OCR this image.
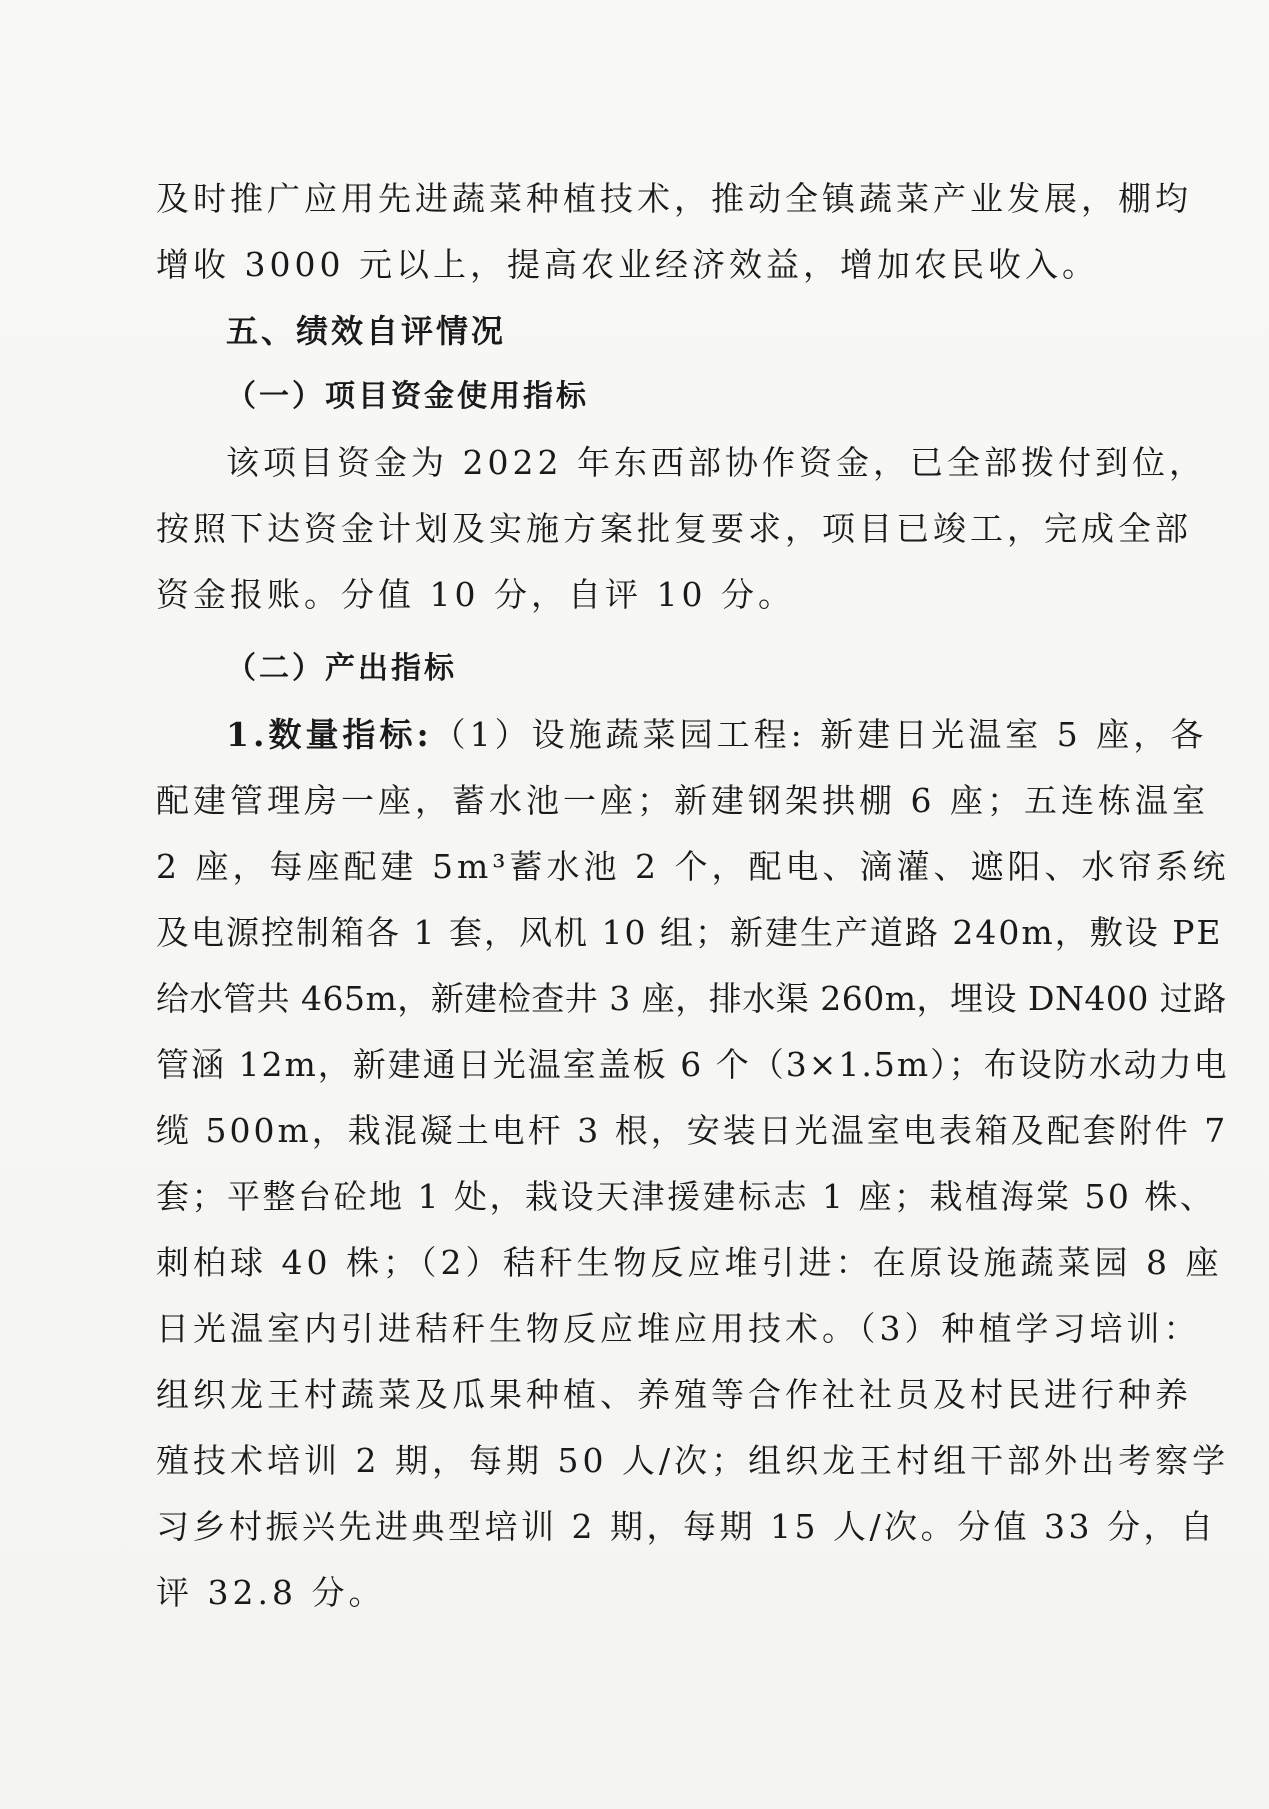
及时推广应用先进蔬菜种植技术，推动全镇蔬菜产业发展，棚均
增收 3000 元以上，提高农业经济效益，增加农民收入。
五、绩效自评情况
（一）项目资金使用指标
该项目资金为 2022 年东西部协作资金，已全部拨付到位，
按照下达资金计划及实施方案批复要求，项目已竣工，完成全部
资金报账。分值 10 分，自评 10 分。
（二）产出指标
1.数量指标:（1）设施蔬菜园工程: 新建日光温室 5 座，各
配建管理房一座，蓄水池一座；新建钢架拱棚 6 座；五连栋温室
2 座，每座配建 5m³蓄水池 2 个，配电、滴灌、遮阳、水帘系统
及电源控制箱各 1 套，风机 10 组；新建生产道路 240m，敷设 PE
给水管共 465m，新建检查井 3 座，排水渠 260m，埋设 DN400 过路
管涵 12m，新建通日光温室盖板 6 个（3×1.5m）；布设防水动力电
缆 500m，栽混凝土电杆 3 根，安装日光温室电表箱及配套附件 7
套；平整台砼地 1 处，栽设天津援建标志 1 座；栽植海棠 50 株、
刺柏球 40 株；（2）秸秆生物反应堆引进：在原设施蔬菜园 8 座
日光温室内引进秸秆生物反应堆应用技术。（3）种植学习培训：
组织龙王村蔬菜及瓜果种植、养殖等合作社社员及村民进行种养
殖技术培训 2 期，每期 50 人/次；组织龙王村组干部外出考察学
习乡村振兴先进典型培训 2 期，每期 15 人/次。分值 33 分，自
评 32.8 分。
